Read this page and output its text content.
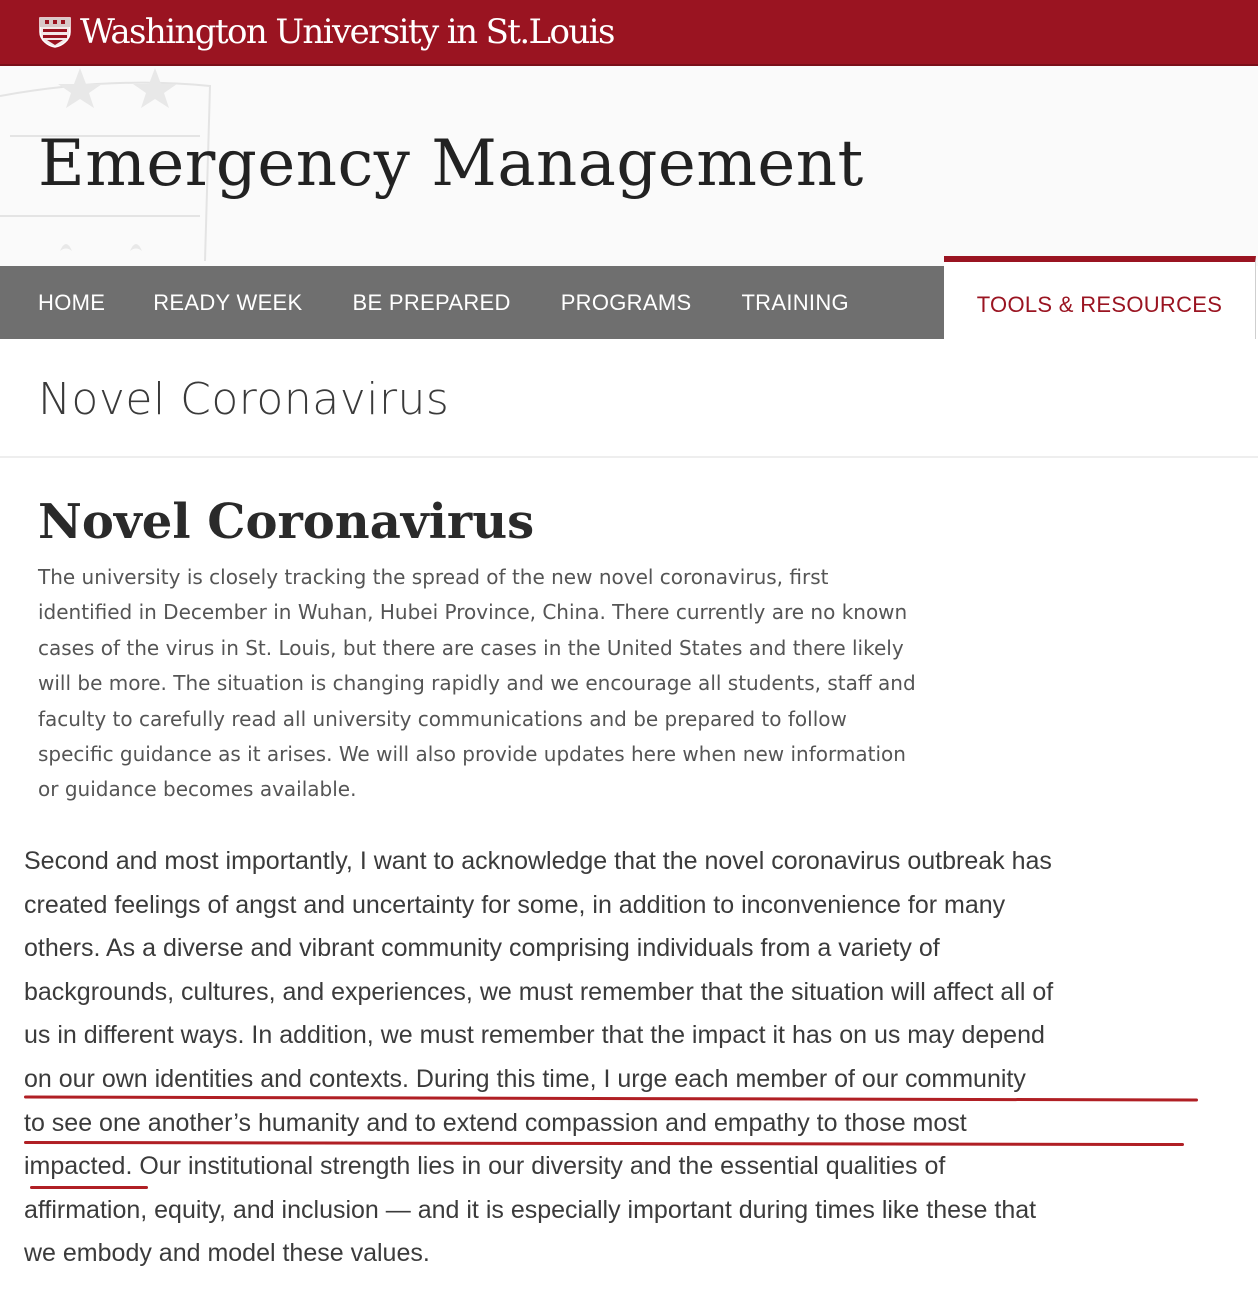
Washington University in St.Louis
Emergency Management
HOME READY WEEK BE PREPARED PROGRAMS TRAINING	TOOLS & RESOURCES
Novel Coronavirus
Novel Coronavirus

The university is closely tracking the spread of the new novel coronavirus, first
identified in December in Wuhan, Hubei Province, China. There currently are no known
cases of the virus in St. Louis, but there are cases in the United States and there likely
will be more. The situation is changing rapidly and we encourage all students, staff and
faculty to carefully read all university communications and be prepared to follow
specific guidance as it arises. We will also provide updates here when new information
or guidance becomes available.

Second and most importantly, I want to acknowledge that the novel coronavirus outbreak has
created feelings of angst and uncertainty for some, in addition to inconvenience for many
others. As a diverse and vibrant community comprising individuals from a variety of
backgrounds, cultures, and experiences, we must remember that the situation will affect all of
us in different ways. In addition, we must remember that the impact it has on us may depend
on our own identities and contexts. During this time, I urge each member of our community
to see one another’s humanity and to extend compassion and empathy to those most
impacted. Our institutional strength lies in our diversity and the essential qualities of
affirmation, equity, and inclusion — and it is especially important during times like these that
we embody and model these values.
